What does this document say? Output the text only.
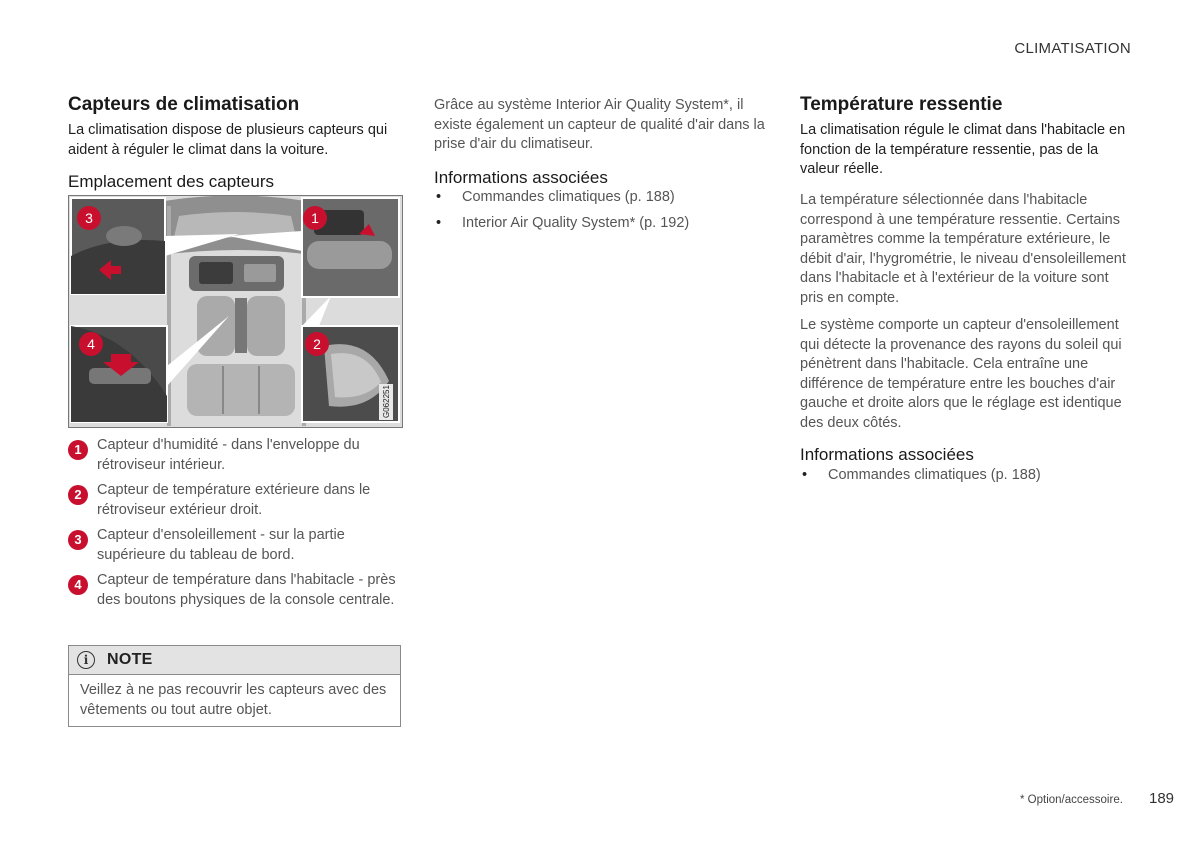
CLIMATISATION
Capteurs de climatisation

La climatisation dispose de plusieurs capteurs qui aident à réguler le climat dans la voiture.

Emplacement des capteurs
3	1
4	2
G062251
1	Capteur d'humidité - dans l'enveloppe du rétroviseur intérieur.
2	Capteur de température extérieure dans le rétroviseur extérieur droit.
3	Capteur d'ensoleillement - sur la partie supérieure du tableau de bord.
4	Capteur de température dans l'habitacle - près des boutons physiques de la console centrale.
i	NOTE
Veillez à ne pas recouvrir les capteurs avec des vêtements ou tout autre objet.

Grâce au système Interior Air Quality System*, il existe également un capteur de qualité d'air dans la prise d'air du climatiseur.

Informations associées
• Commandes climatiques (p. 188)
• Interior Air Quality System* (p. 192)
Température ressentie

La climatisation régule le climat dans l'habitacle en fonction de la température ressentie, pas de la valeur réelle.

La température sélectionnée dans l'habitacle correspond à une température ressentie. Certains paramètres comme la température extérieure, le débit d'air, l'hygrométrie, le niveau d'ensoleillement dans l'habitacle et à l'extérieur de la voiture sont pris en compte.

Le système comporte un capteur d'ensoleillement qui détecte la provenance des rayons du soleil qui pénètrent dans l'habitacle. Cela entraîne une différence de température entre les bouches d'air gauche et droite alors que le réglage est identique des deux côtés.

Informations associées
• Commandes climatiques (p. 188)
* Option/accessoire. 189
